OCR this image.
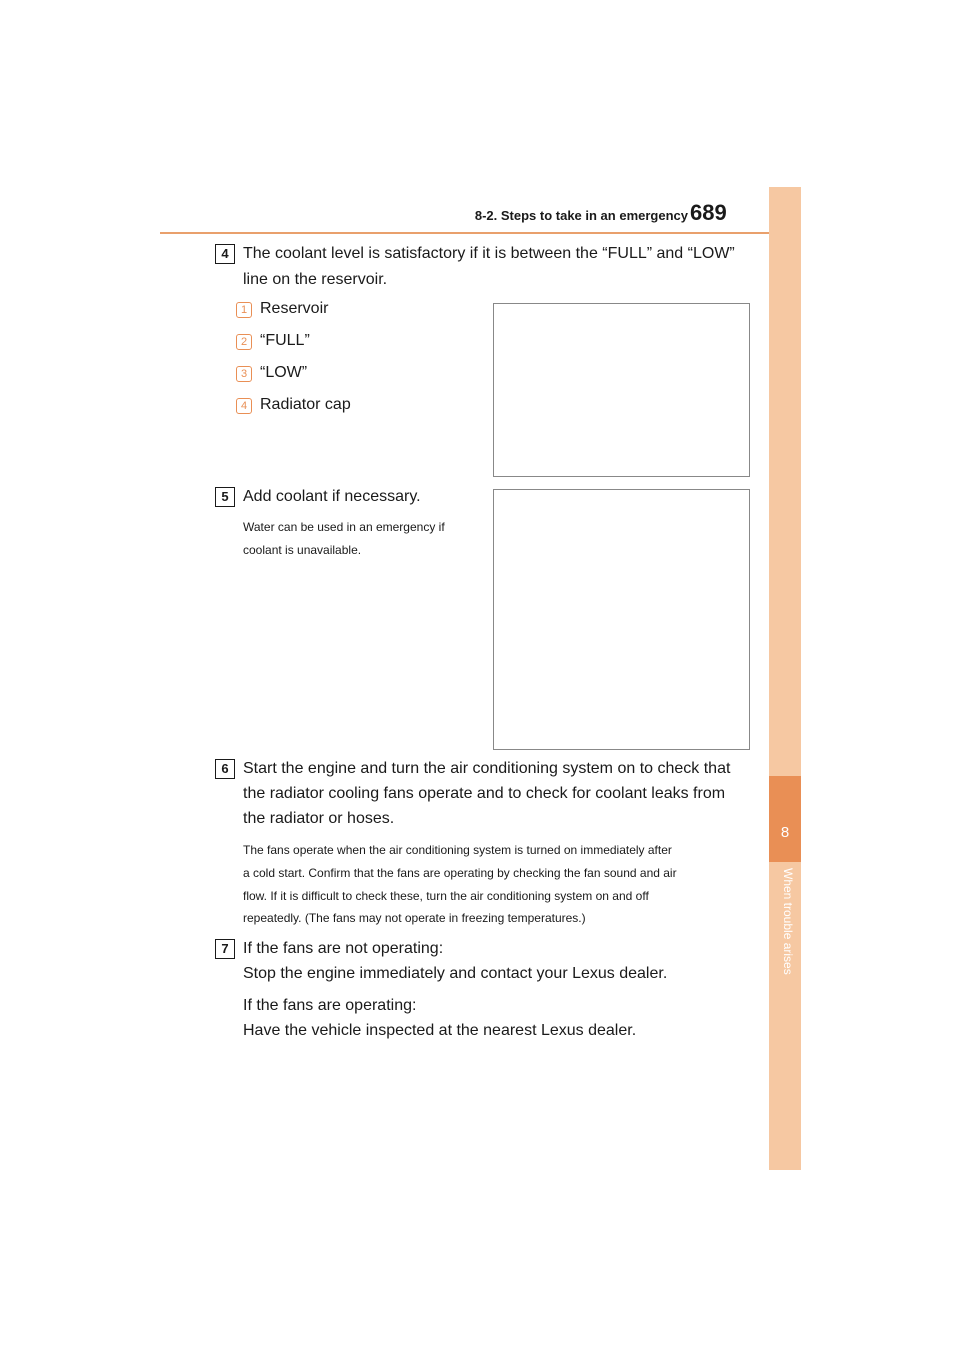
8-2. Steps to take in an emergency 689
8
When trouble arises
4 The coolant level is satisfactory if it is between the “FULL” and “LOW”
line on the reservoir.
1 Reservoir
2 “FULL”
3 “LOW”
4 Radiator cap
5 Add coolant if necessary.
Water can be used in an emergency if
coolant is unavailable.
6 Start the engine and turn the air conditioning system on to check that
the radiator cooling fans operate and to check for coolant leaks from
the radiator or hoses.
The fans operate when the air conditioning system is turned on immediately after
a cold start. Confirm that the fans are operating by checking the fan sound and air
flow. If it is difficult to check these, turn the air conditioning system on and off
repeatedly. (The fans may not operate in freezing temperatures.)
7 If the fans are not operating:
Stop the engine immediately and contact your Lexus dealer.
If the fans are operating:
Have the vehicle inspected at the nearest Lexus dealer.
